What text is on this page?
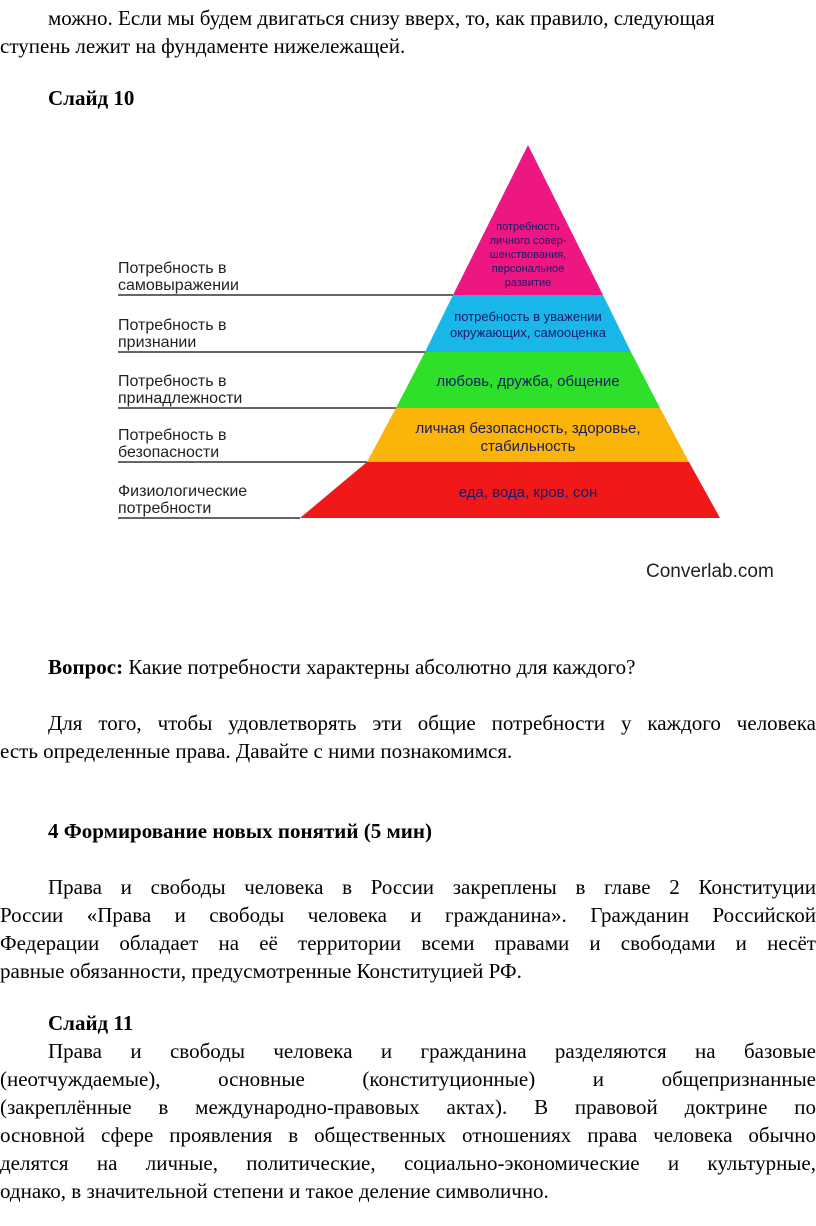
можно. Если мы будем двигаться снизу вверх, то, как правило, следующая
ступень лежит на фундаменте нижележащей.
Слайд 10
Потребность в
самовыражении
Потребность в
признании
Потребность в
принадлежности
Потребность в
безопасности
Физиологические
потребности
потребность
личного совер-
шенствования,
персональное
развитие
потребность в уважении
окружающих, самооценка
любовь, дружба, общение
личная безопасность, здоровье,
стабильность
еда, вода, кров, сон
Converlab.com
Вопрос: Какие потребности характерны абсолютно для каждого?
Для того, чтобы удовлетворять эти общие потребности у каждого человека
есть определенные права. Давайте с ними познакомимся.
4 Формирование новых понятий (5 мин)
Права и свободы человека в России закреплены в главе 2 Конституции
России «Права и свободы человека и гражданина». Гражданин Российской
Федерации обладает на её территории всеми правами и свободами и несёт
равные обязанности, предусмотренные Конституцией РФ.
Слайд 11
Права и свободы человека и гражданина разделяются на базовые
(неотчуждаемые), основные (конституционные) и общепризнанные
(закреплённые в международно-правовых актах). В правовой доктрине по
основной сфере проявления в общественных отношениях права человека обычно
делятся на личные, политические, социально-экономические и культурные,
однако, в значительной степени и такое деление символично.
